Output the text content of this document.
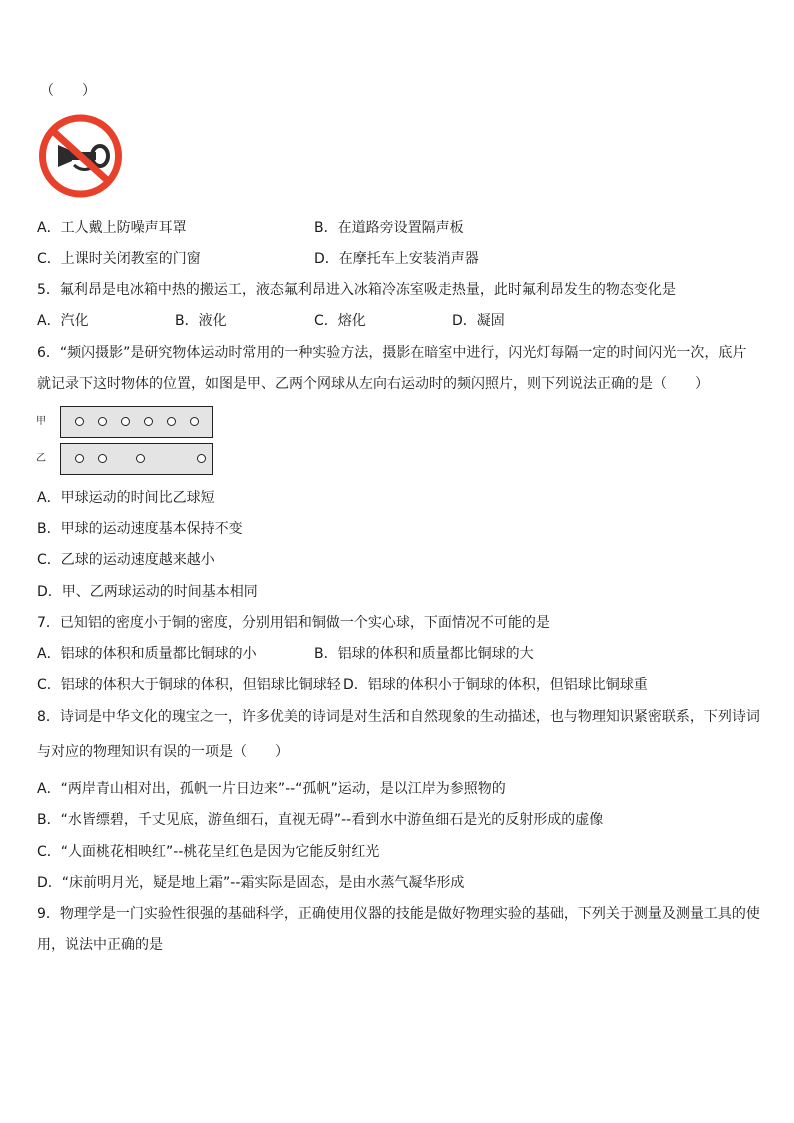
（　　）
A．工人戴上防噪声耳罩	B．在道路旁设置隔声板
C．上课时关闭教室的门窗	D．在摩托车上安装消声器
5．氟利昂是电冰箱中热的搬运工，液态氟利昂进入冰箱冷冻室吸走热量，此时氟利昂发生的物态变化是
A．汽化	B．液化	C．熔化	D．凝固
6．“频闪摄影”是研究物体运动时常用的一种实验方法，摄影在暗室中进行，闪光灯每隔一定的时间闪光一次，底片
就记录下这时物体的位置，如图是甲、乙两个网球从左向右运动时的频闪照片，则下列说法正确的是（　　）
甲
乙
A．甲球运动的时间比乙球短
B．甲球的运动速度基本保持不变
C．乙球的运动速度越来越小
D．甲、乙两球运动的时间基本相同
7．已知铝的密度小于铜的密度，分别用铝和铜做一个实心球，下面情况不可能的是
A．铝球的体积和质量都比铜球的小	B．铝球的体积和质量都比铜球的大
C．铝球的体积大于铜球的体积，但铝球比铜球轻 D．铝球的体积小于铜球的体积，但铝球比铜球重
8．诗词是中华文化的瑰宝之一，许多优美的诗词是对生活和自然现象的生动描述，也与物理知识紧密联系，下列诗词
与对应的物理知识有误的一项是（　　）
A．“两岸青山相对出，孤帆一片日边来”--“孤帆”运动，是以江岸为参照物的
B．“水皆缥碧，千丈见底，游鱼细石，直视无碍”--看到水中游鱼细石是光的反射形成的虚像
C．“人面桃花相映红”--桃花呈红色是因为它能反射红光
D．“床前明月光，疑是地上霜”--霜实际是固态，是由水蒸气凝华形成
9．物理学是一门实验性很强的基础科学，正确使用仪器的技能是做好物理实验的基础，下列关于测量及测量工具的使
用，说法中正确的是
